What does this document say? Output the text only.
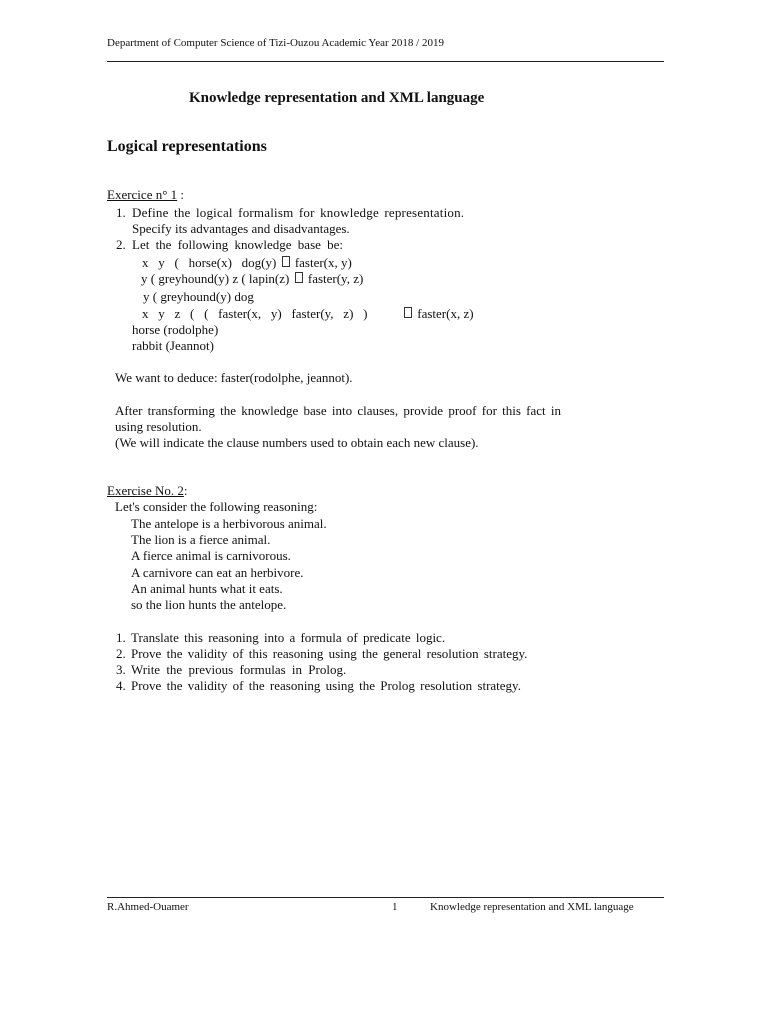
Department of Computer Science of Tizi-Ouzou Academic Year 2018 / 2019
Knowledge representation and XML language
Logical representations
Exercice n° 1 :
1. Define the logical formalism for knowledge representation.
Specify its advantages and disadvantages.
2. Let the following knowledge base be:
x   y   (   horse(x)   dog(y) faster(x, y)
y ( greyhound(y) z ( lapin(z) faster(y, z)
y ( greyhound(y) dog
x   y   z   (   (   faster(x,   y)   faster(y,   z)   )	faster(x, z)
horse (rodolphe)
rabbit (Jeannot)
We want to deduce: faster(rodolphe, jeannot).
After transforming the knowledge base into clauses, provide proof for this fact in
using resolution.
(We will indicate the clause numbers used to obtain each new clause).
Exercise No. 2:
Let's consider the following reasoning:
The antelope is a herbivorous animal.
The lion is a fierce animal.
A fierce animal is carnivorous.
A carnivore can eat an herbivore.
An animal hunts what it eats.
so the lion hunts the antelope.
1. Translate this reasoning into a formula of predicate logic.
2. Prove the validity of this reasoning using the general resolution strategy.
3. Write the previous formulas in Prolog.
4. Prove the validity of the reasoning using the Prolog resolution strategy.
R.Ahmed-Ouamer	1	Knowledge representation and XML language
